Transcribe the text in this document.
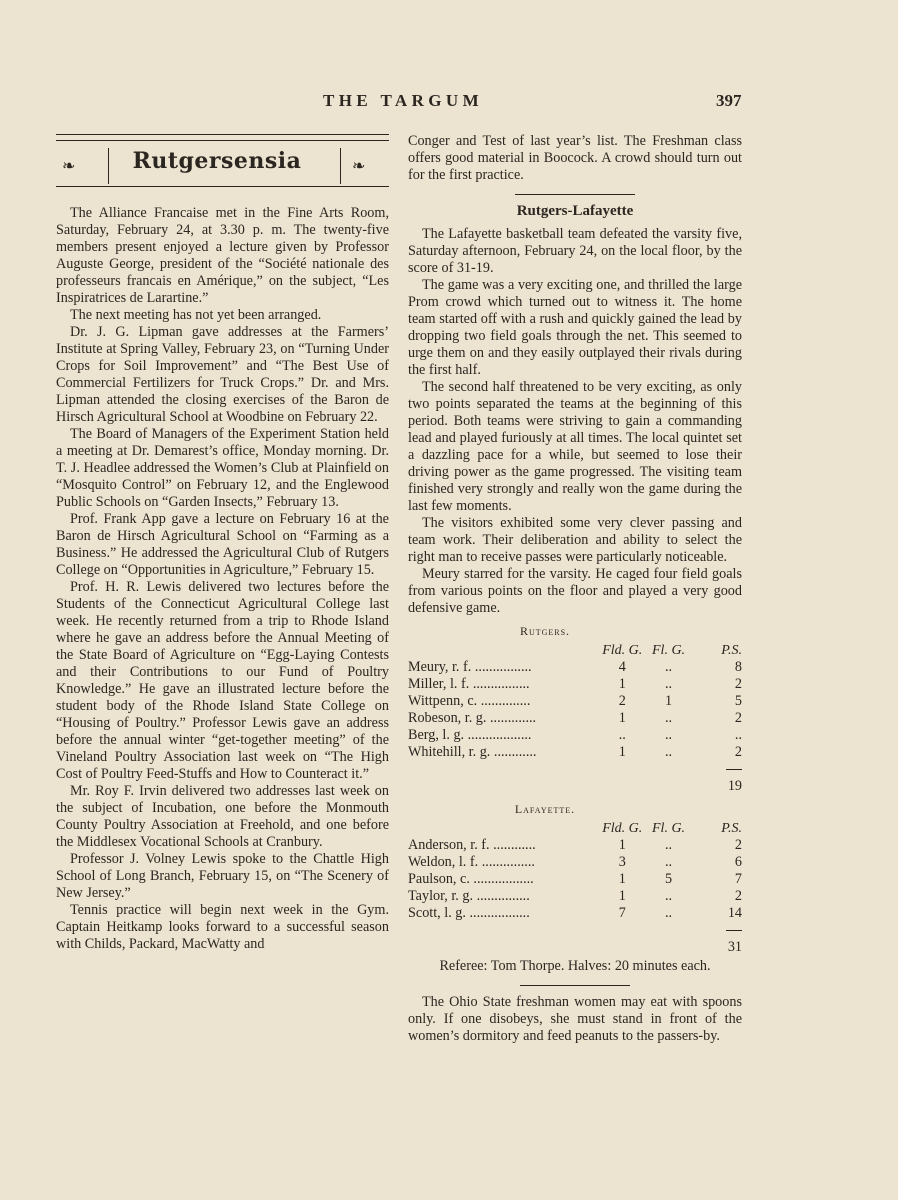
THE TARGUM	397
❧	Rutgersensia	❧

The Alliance Francaise met in the Fine Arts Room, Saturday, February 24, at 3.30 p. m. The twenty-five members present enjoyed a lecture given by Professor Auguste George, president of the “Société nationale des professeurs francais en Amérique,” on the subject, “Les Inspiratrices de Larartine.”

The next meeting has not yet been arranged.

Dr. J. G. Lipman gave addresses at the Farmers’ Institute at Spring Valley, February 23, on “Turning Under Crops for Soil Improvement” and “The Best Use of Commercial Fertilizers for Truck Crops.” Dr. and Mrs. Lipman attended the closing exercises of the Baron de Hirsch Agricultural School at Woodbine on February 22.

The Board of Managers of the Experiment Station held a meeting at Dr. Demarest’s office, Monday morning. Dr. T. J. Headlee addressed the Women’s Club at Plainfield on “Mosquito Control” on February 12, and the Englewood Public Schools on “Garden Insects,” February 13.

Prof. Frank App gave a lecture on February 16 at the Baron de Hirsch Agricultural School on “Farming as a Business.” He addressed the Agricultural Club of Rutgers College on “Opportunities in Agriculture,” February 15.

Prof. H. R. Lewis delivered two lectures before the Students of the Connecticut Agricultural College last week. He recently returned from a trip to Rhode Island where he gave an address before the Annual Meeting of the State Board of Agriculture on “Egg-Laying Contests and their Contributions to our Fund of Poultry Knowledge.” He gave an illustrated lecture before the student body of the Rhode Island State College on “Housing of Poultry.” Professor Lewis gave an address before the annual winter “get-together meeting” of the Vineland Poultry Association last week on “The High Cost of Poultry Feed-Stuffs and How to Counteract it.”

Mr. Roy F. Irvin delivered two addresses last week on the subject of Incubation, one before the Monmouth County Poultry Association at Freehold, and one before the Middlesex Vocational Schools at Cranbury.

Professor J. Volney Lewis spoke to the Chattle High School of Long Branch, February 15, on “The Scenery of New Jersey.”

Tennis practice will begin next week in the Gym. Captain Heitkamp looks forward to a successful season with Childs, Packard, MacWatty and

Conger and Test of last year’s list. The Freshman class offers good material in Boocock. A crowd should turn out for the first practice.

Rutgers-Lafayette

The Lafayette basketball team defeated the varsity five, Saturday afternoon, February 24, on the local floor, by the score of 31-19.

The game was a very exciting one, and thrilled the large Prom crowd which turned out to witness it. The home team started off with a rush and quickly gained the lead by dropping two field goals through the net. This seemed to urge them on and they easily outplayed their rivals during the first half.

The second half threatened to be very exciting, as only two points separated the teams at the beginning of this period. Both teams were striving to gain a commanding lead and played furiously at all times. The local quintet set a dazzling pace for a while, but seemed to lose their driving power as the game progressed. The visiting team finished very strongly and really won the game during the last few moments.

The visitors exhibited some very clever passing and team work. Their deliberation and ability to select the right man to receive passes were particularly noticeable.

Meury starred for the varsity. He caged four field goals from various points on the floor and played a very good defensive game.

Rutgers.
	Fld. G.	Fl. G.	P.S.
Meury, r. f. ................	4	..	8
Miller, l. f. ................	1	..	2
Wittpenn, c. ..............	2	1	5
Robeson, r. g. .............	1	..	2
Berg, l. g. ..................	..	..	..
Whitehill, r. g. ............	1	..	2

			19
Lafayette.
	Fld. G.	Fl. G.	P.S.
Anderson, r. f. ............	1	..	2
Weldon, l. f. ...............	3	..	6
Paulson, c. .................	1	5	7
Taylor, r. g. ...............	1	..	2
Scott, l. g. .................	7	..	14

			31
Referee: Tom Thorpe. Halves: 20 minutes each.

The Ohio State freshman women may eat with spoons only. If one disobeys, she must stand in front of the women’s dormitory and feed peanuts to the passers-by.
